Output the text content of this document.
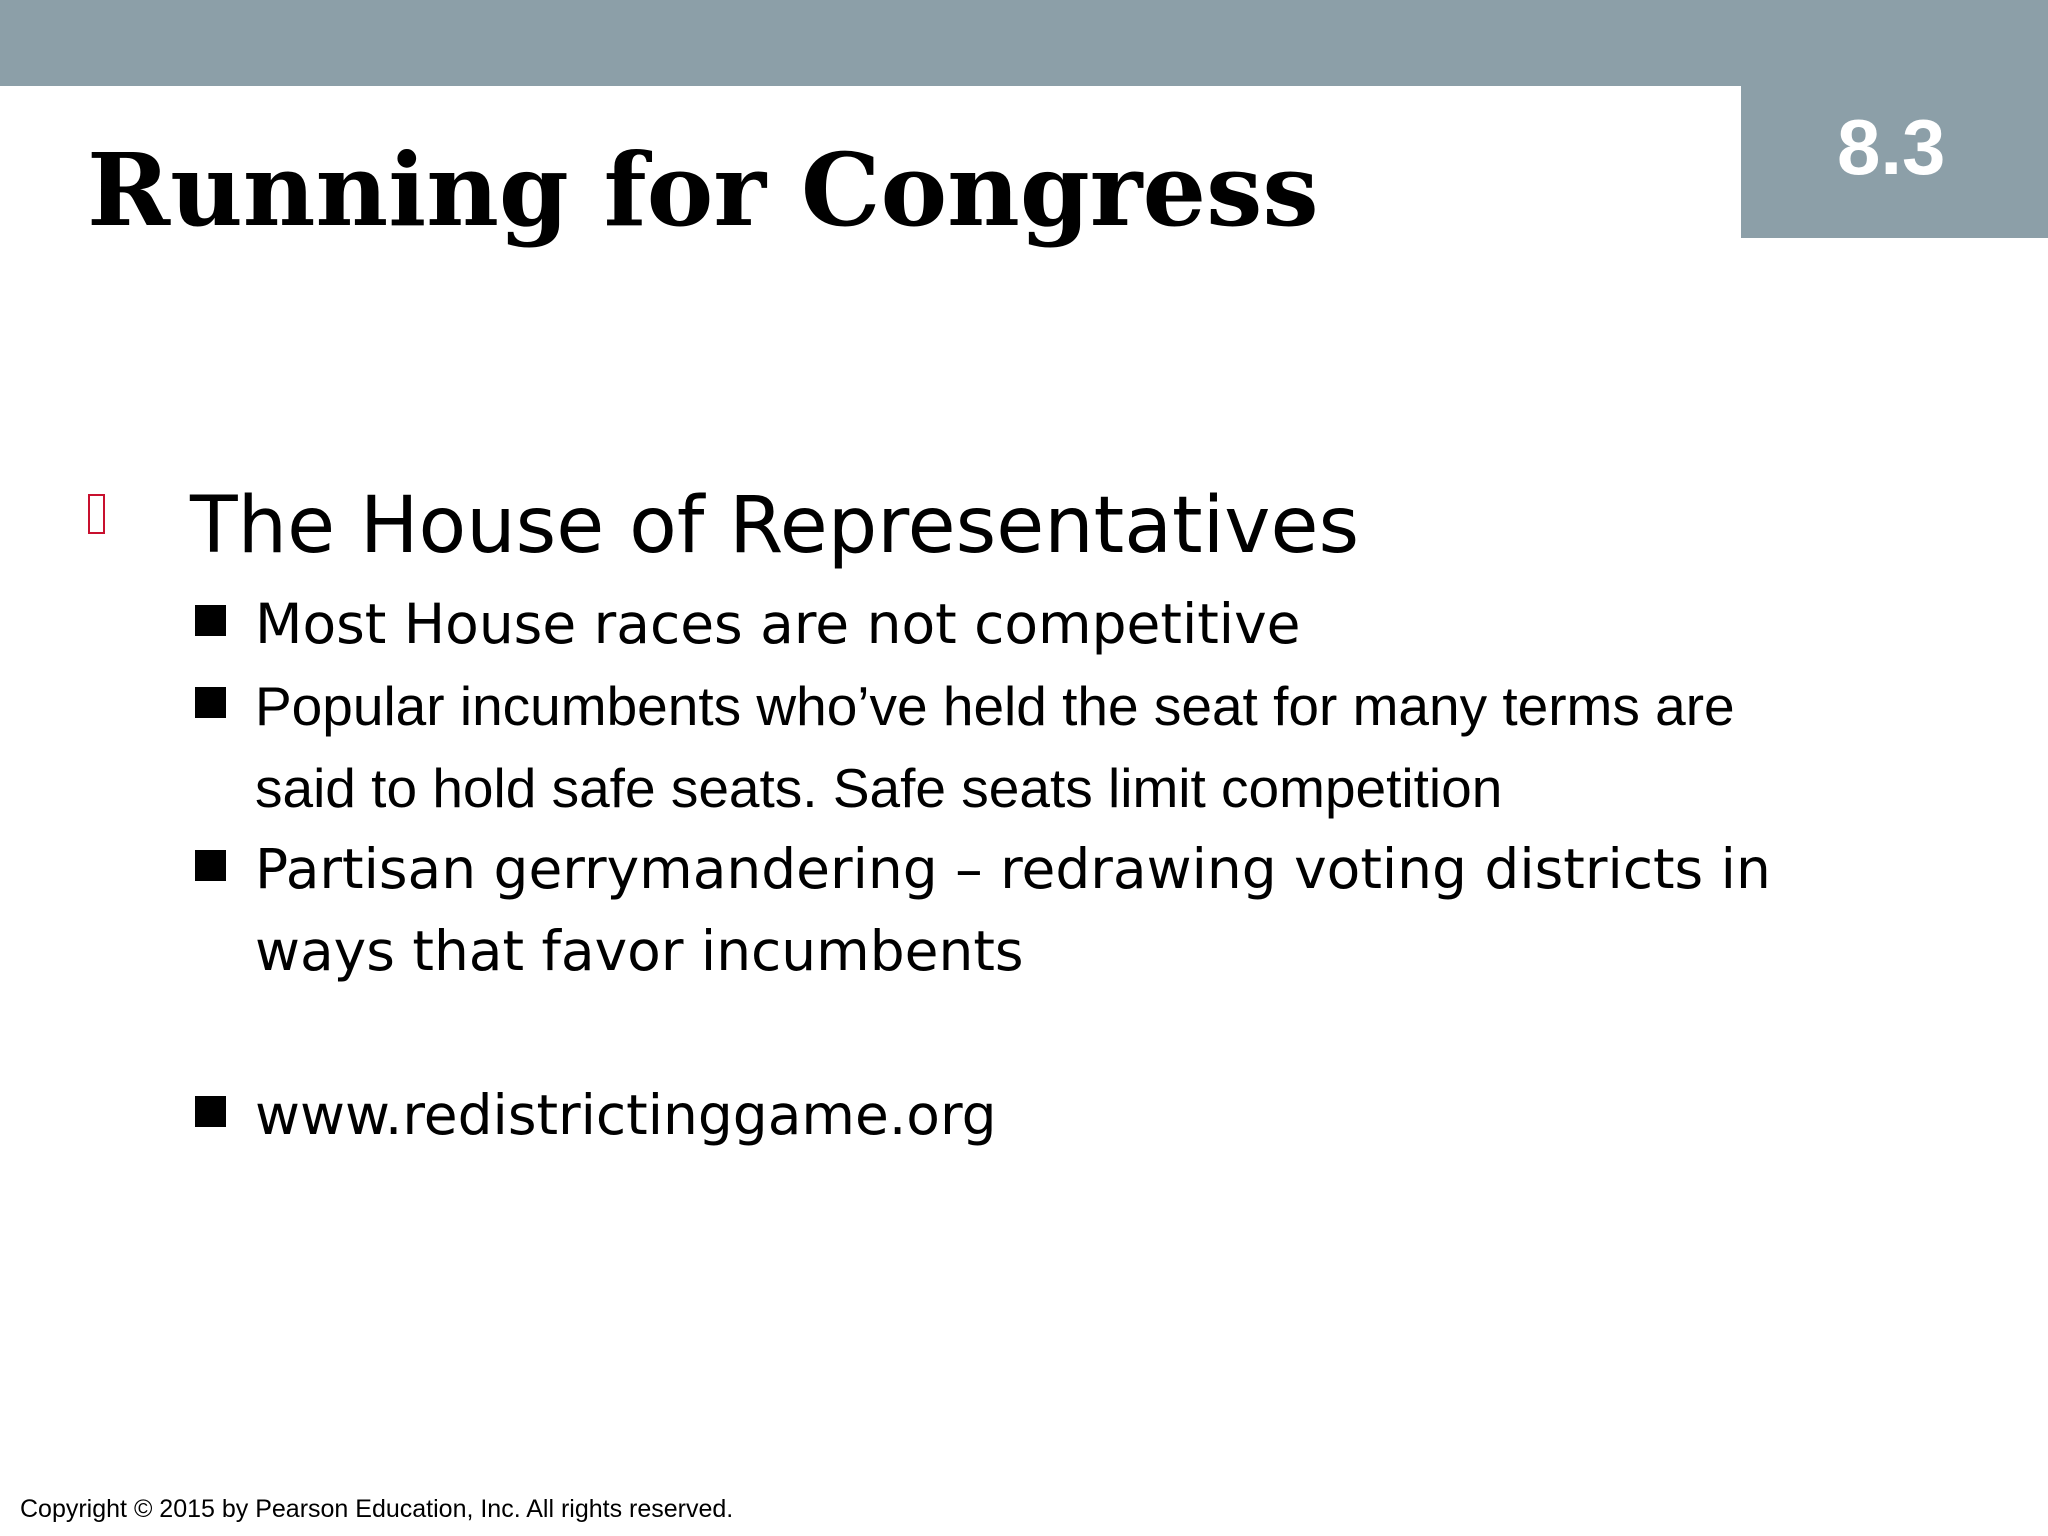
8.3
Running for Congress
The House of Representatives
Most House races are not competitive
Popular incumbents who’ve held the seat for many terms are
said to hold safe seats. Safe seats limit competition
Partisan gerrymandering – redrawing voting districts in
ways that favor incumbents
www.redistrictinggame.org
Copyright © 2015 by Pearson Education, Inc. All rights reserved.
